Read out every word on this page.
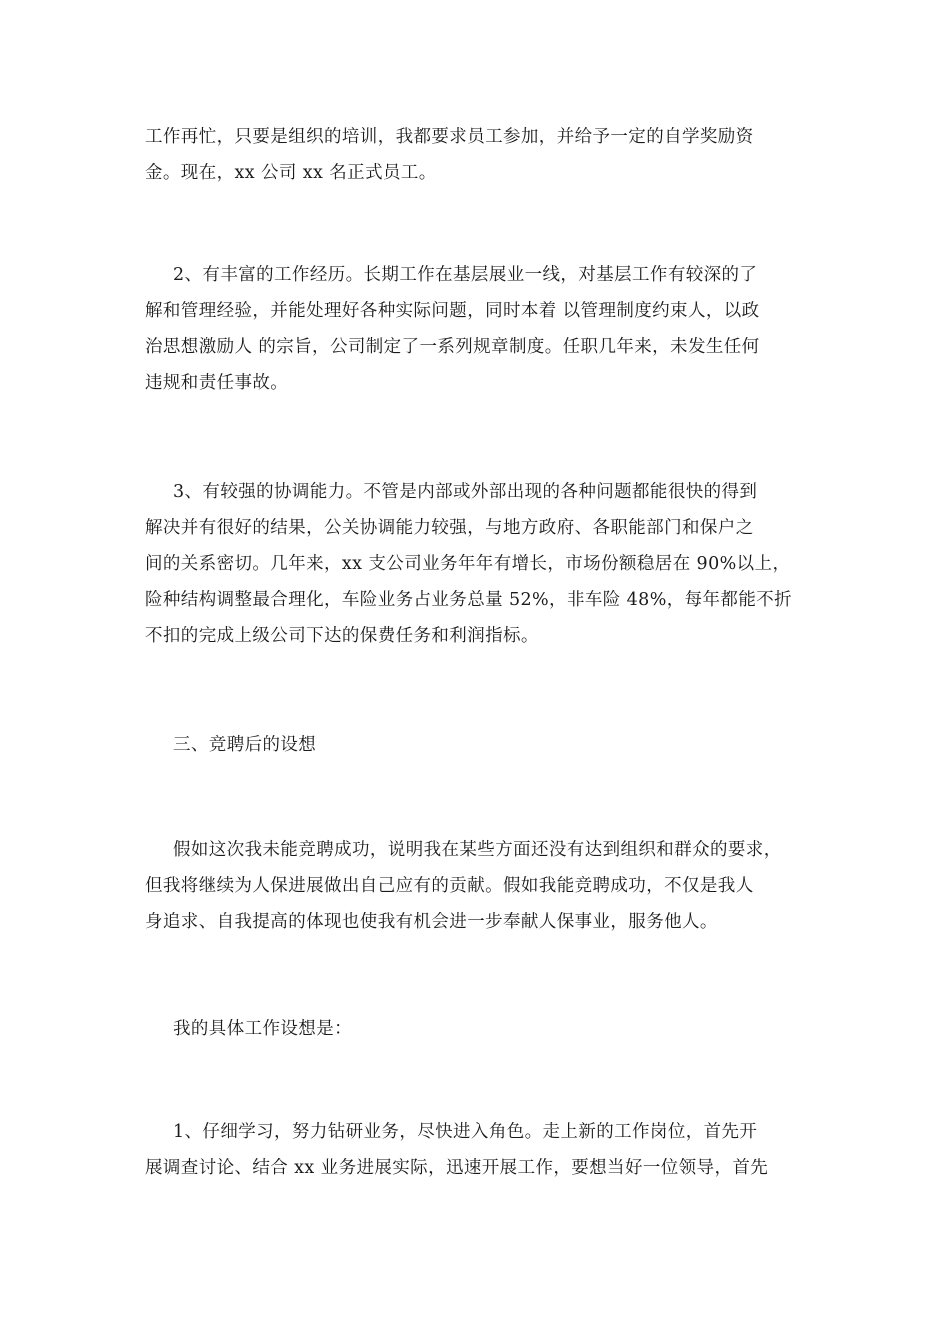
工作再忙，只要是组织的培训，我都要求员工参加，并给予一定的自学奖励资
金。现在，xx 公司 xx 名正式员工。
2、有丰富的工作经历。长期工作在基层展业一线，对基层工作有较深的了
解和管理经验，并能处理好各种实际问题，同时本着 以管理制度约束人，以政
治思想激励人 的宗旨，公司制定了一系列规章制度。任职几年来，未发生任何
违规和责任事故。
3、有较强的协调能力。不管是内部或外部出现的各种问题都能很快的得到
解决并有很好的结果，公关协调能力较强，与地方政府、各职能部门和保户之
间的关系密切。几年来，xx 支公司业务年年有增长，市场份额稳居在 90%以上，
险种结构调整最合理化，车险业务占业务总量 52%，非车险 48%，每年都能不折
不扣的完成上级公司下达的保费任务和利润指标。
三、竞聘后的设想
假如这次我未能竞聘成功，说明我在某些方面还没有达到组织和群众的要求，
但我将继续为人保进展做出自己应有的贡献。假如我能竞聘成功，不仅是我人
身追求、自我提高的体现也使我有机会进一步奉献人保事业，服务他人。
我的具体工作设想是：
1、仔细学习，努力钻研业务，尽快进入角色。走上新的工作岗位，首先开
展调查讨论、结合 xx 业务进展实际，迅速开展工作，要想当好一位领导，首先
